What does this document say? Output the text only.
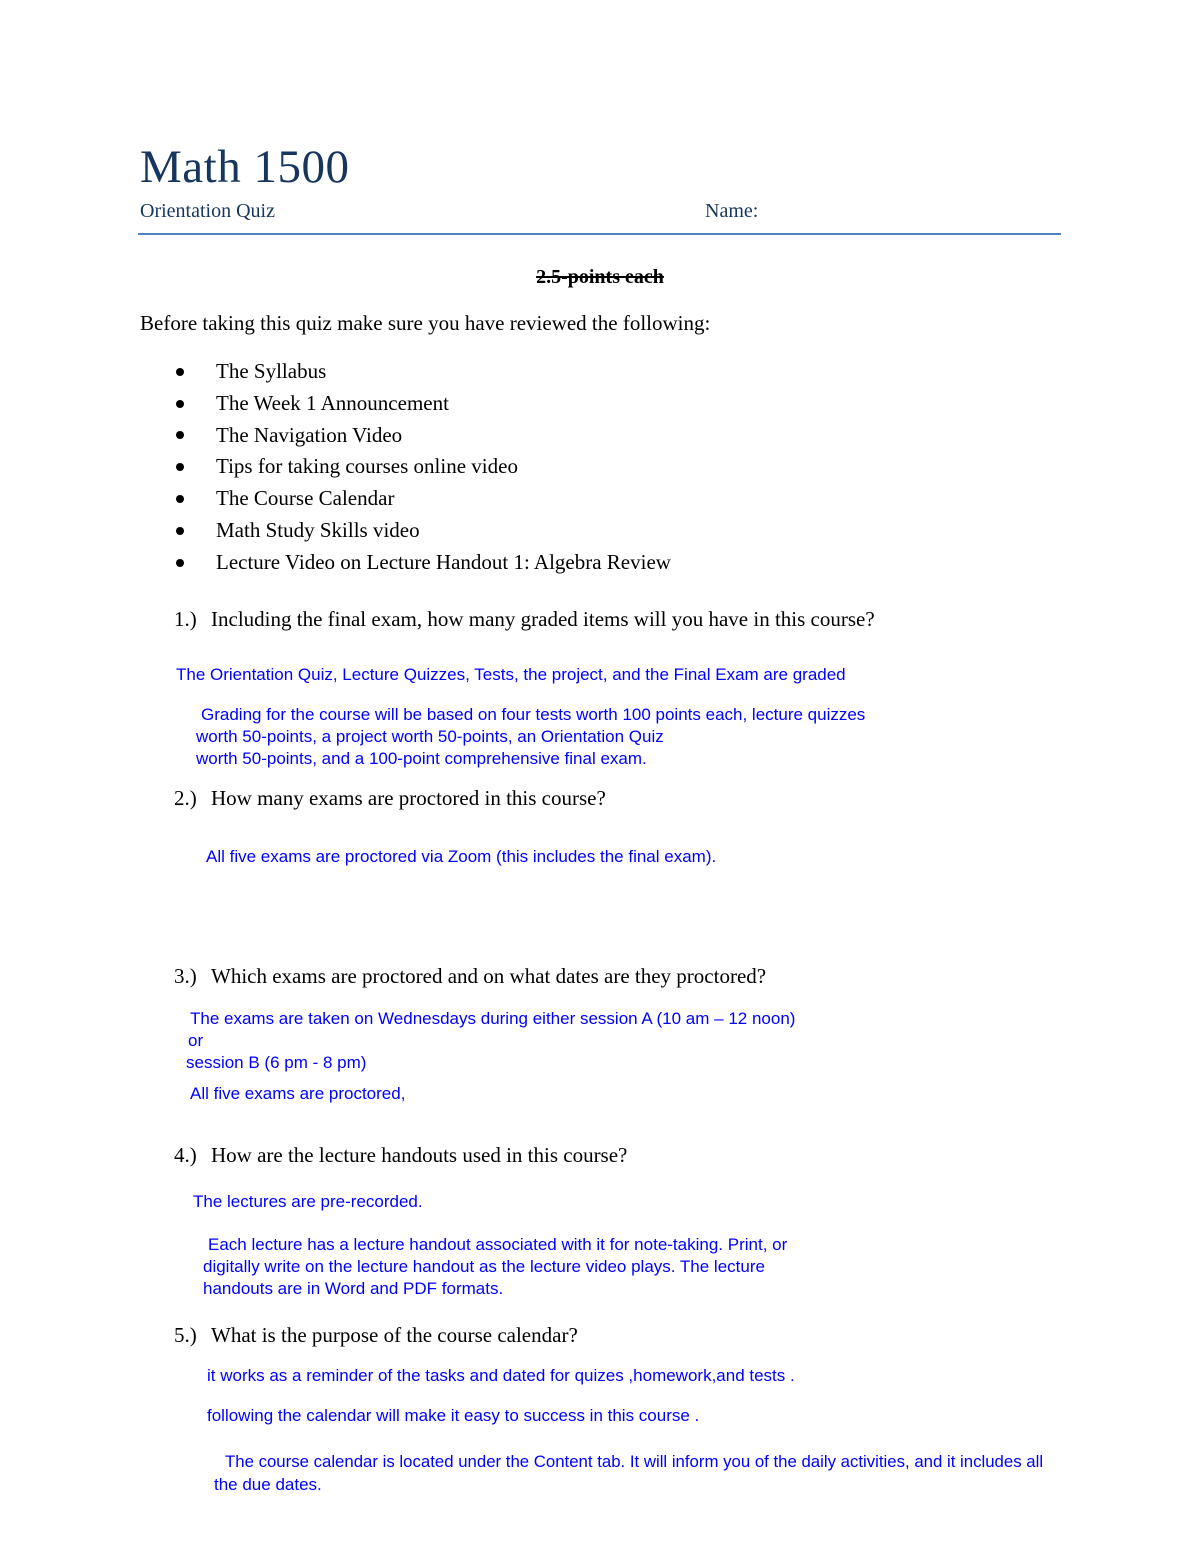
Math 1500
Orientation Quiz	Name:
2.5-points each
Before taking this quiz make sure you have reviewed the following:
The Syllabus
The Week 1 Announcement
The Navigation Video
Tips for taking courses online video
The Course Calendar
Math Study Skills video
Lecture Video on Lecture Handout 1: Algebra Review
1.) Including the final exam, how many graded items will you have in this course?
The Orientation Quiz, Lecture Quizzes, Tests, the project, and the Final Exam are graded
Grading for the course will be based on four tests worth 100 points each, lecture quizzes
worth 50-points, a project worth 50-points, an Orientation Quiz
worth 50-points, and a 100-point comprehensive final exam.
2.) How many exams are proctored in this course?
All five exams are proctored via Zoom (this includes the final exam).
3.) Which exams are proctored and on what dates are they proctored?
The exams are taken on Wednesdays during either session A (10 am – 12 noon)
or
session B (6 pm - 8 pm)
All five exams are proctored,
4.) How are the lecture handouts used in this course?
The lectures are pre-recorded.
Each lecture has a lecture handout associated with it for note-taking. Print, or
digitally write on the lecture handout as the lecture video plays. The lecture
handouts are in Word and PDF formats.
5.) What is the purpose of the course calendar?
it works as a reminder of the tasks and dated for quizes ,homework,and tests .
following the calendar will make it easy to success in this course .
The course calendar is located under the Content tab. It will inform you of the daily activities, and it includes all
the due dates.
